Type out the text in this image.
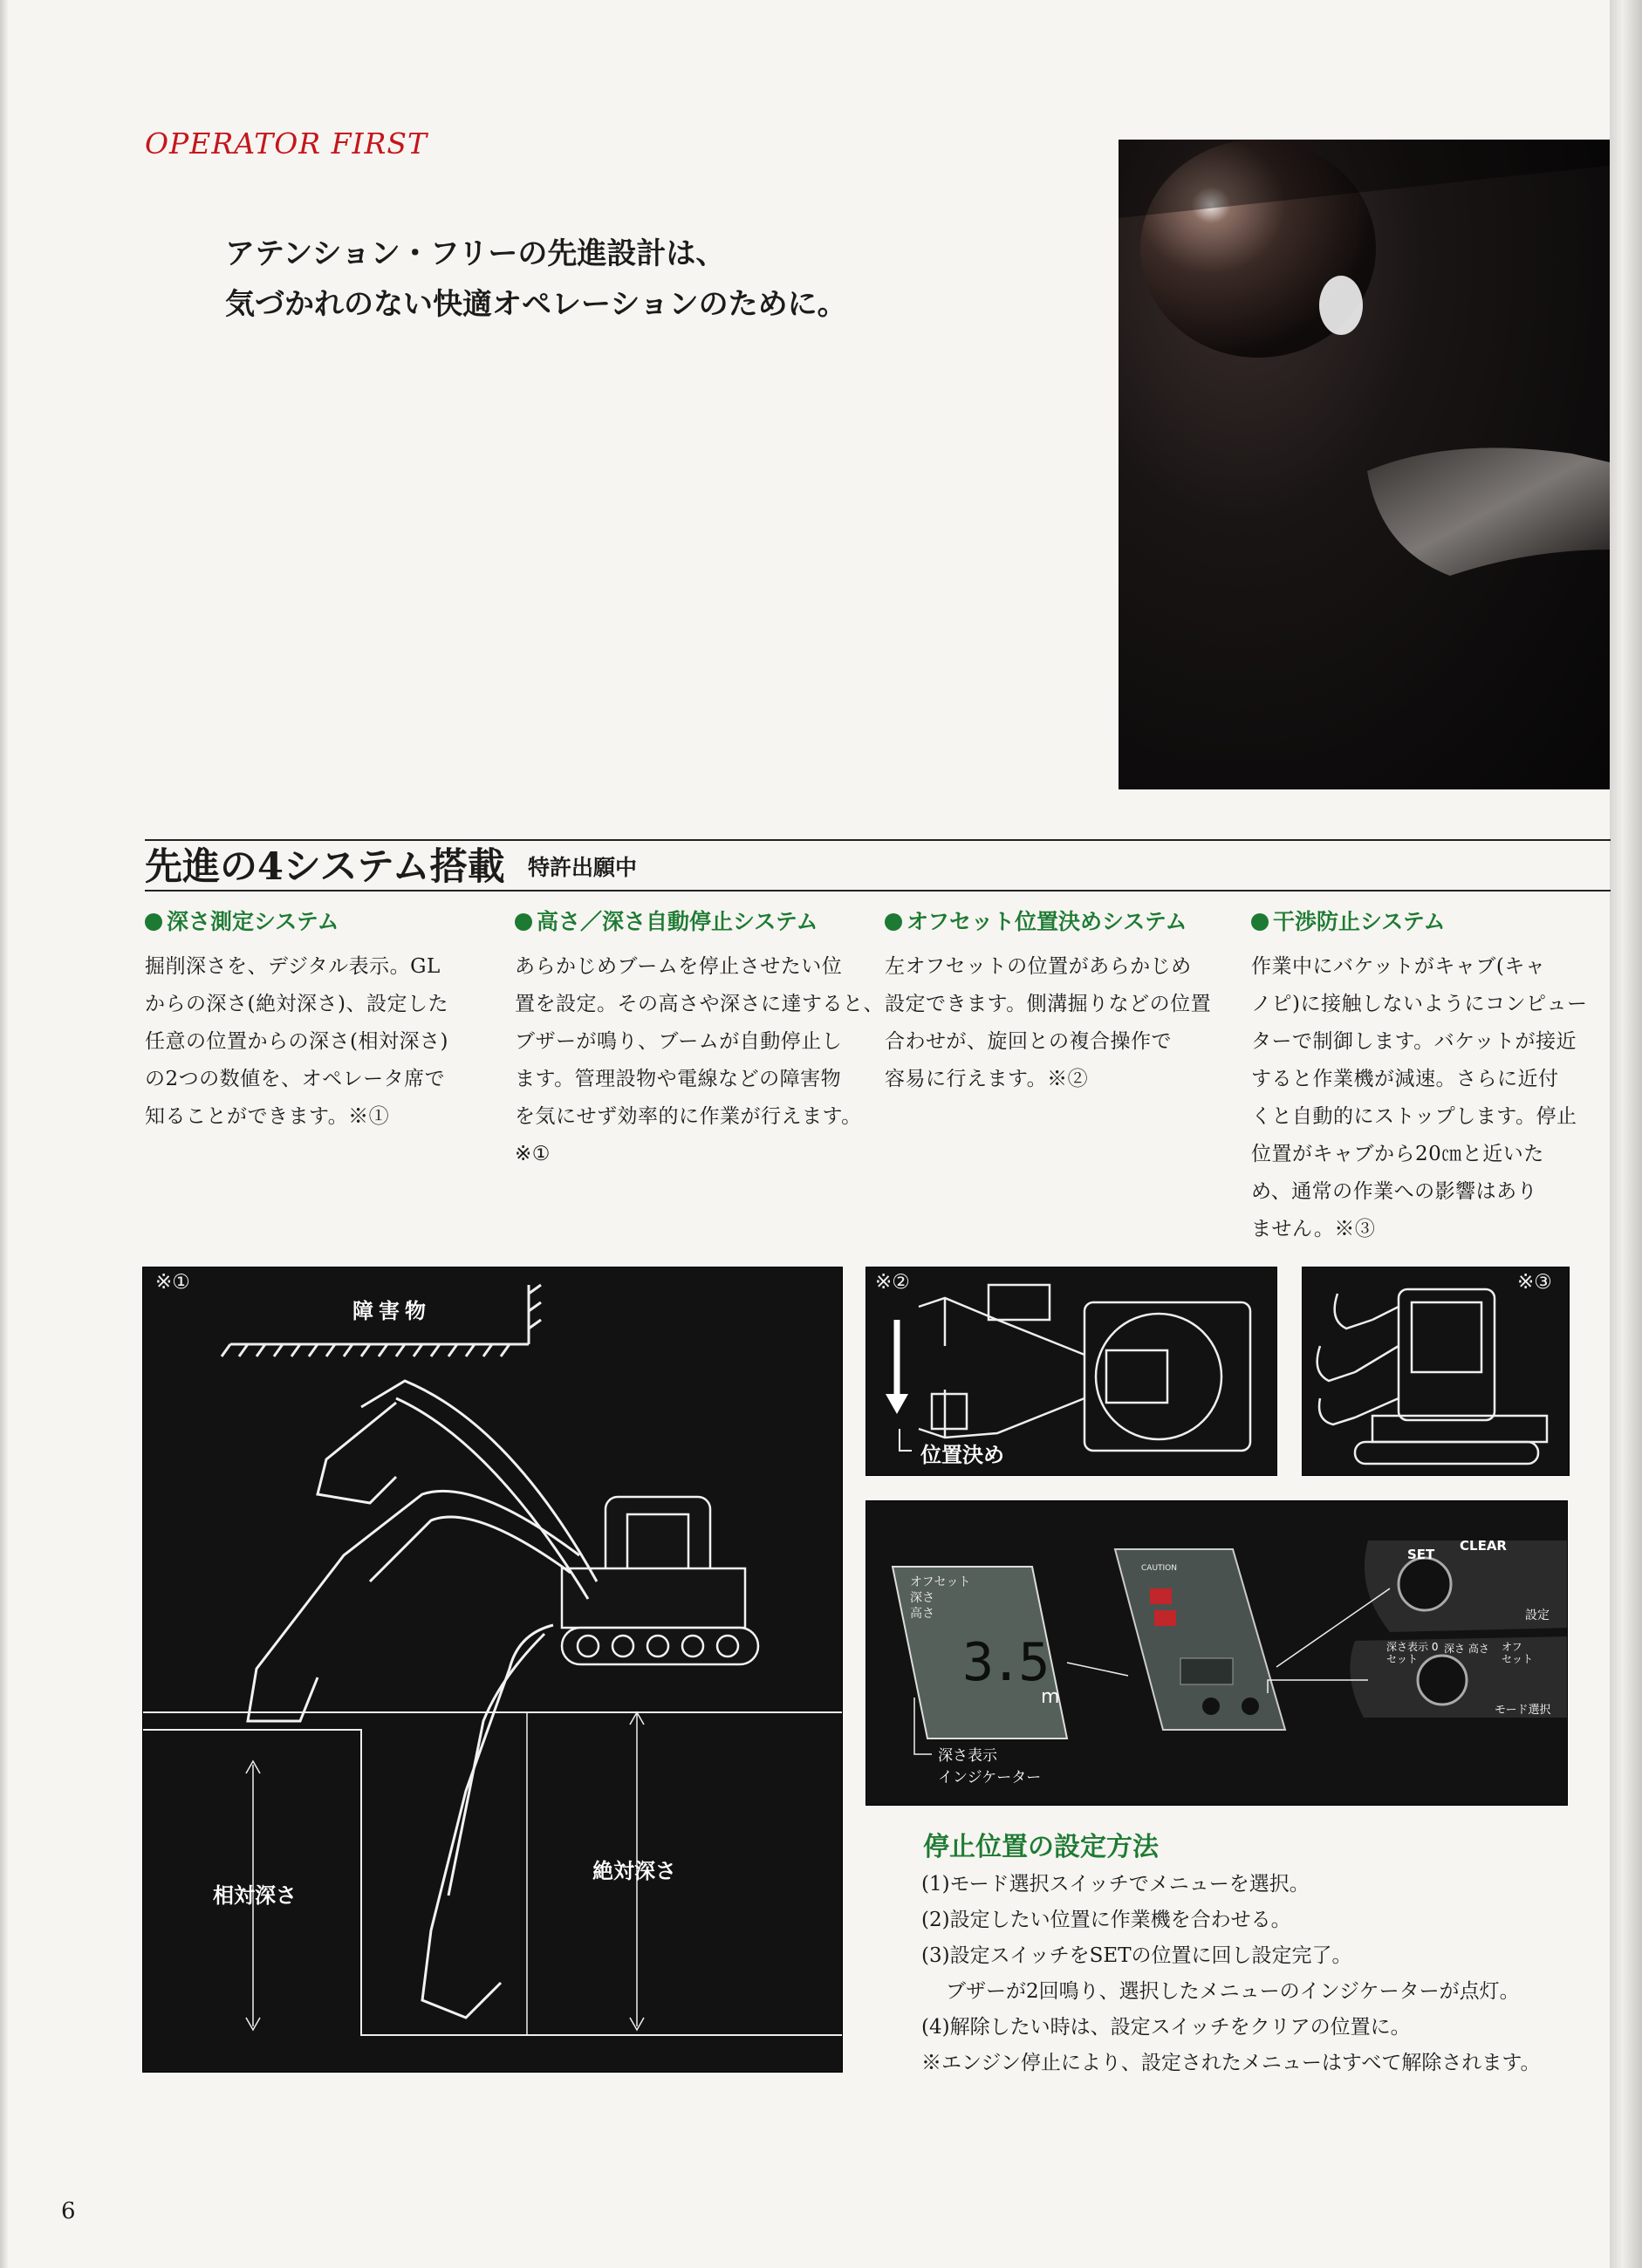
OPERATOR FIRST
アテンション・フリーの先進設計は、
気づかれのない快適オペレーションのために。
先進の4システム搭載 特許出願中
深さ測定システム
掘削深さを、デジタル表示。GL
からの深さ(絶対深さ)、設定した
任意の位置からの深さ(相対深さ)
の2つの数値を、オペレータ席で
知ることができます。※①
高さ／深さ自動停止システム
あらかじめブームを停止させたい位
置を設定。その高さや深さに達すると、
ブザーが鳴り、ブームが自動停止し
ます。管理設物や電線などの障害物
を気にせず効率的に作業が行えます。
※①
オフセット位置決めシステム
左オフセットの位置があらかじめ
設定できます。側溝掘りなどの位置
合わせが、旋回との複合操作で
容易に行えます。※②
干渉防止システム
作業中にバケットがキャブ(キャ
ノピ)に接触しないようにコンピュー
ターで制御します。バケットが接近
すると作業機が減速。さらに近付
くと自動的にストップします。停止
位置がキャブから20㎝と近いた
め、通常の作業への影響はあり
ません。※③
※①
障害物
相対深さ
絶対深さ
※②
位置決め
※③
オフセット
深さ
高さ
3.5
m
深さ表示
インジケーター
CAUTION
SET
CLEAR
設定
深さ表示 0セット
深さ 高さ オフ セット
モード選択
停止位置の設定方法
(1)モード選択スイッチでメニューを選択。
(2)設定したい位置に作業機を合わせる。
(3)設定スイッチをSETの位置に回し設定完了。
ブザーが2回鳴り、選択したメニューのインジケーターが点灯。
(4)解除したい時は、設定スイッチをクリアの位置に。
※エンジン停止により、設定されたメニューはすべて解除されます。
6
